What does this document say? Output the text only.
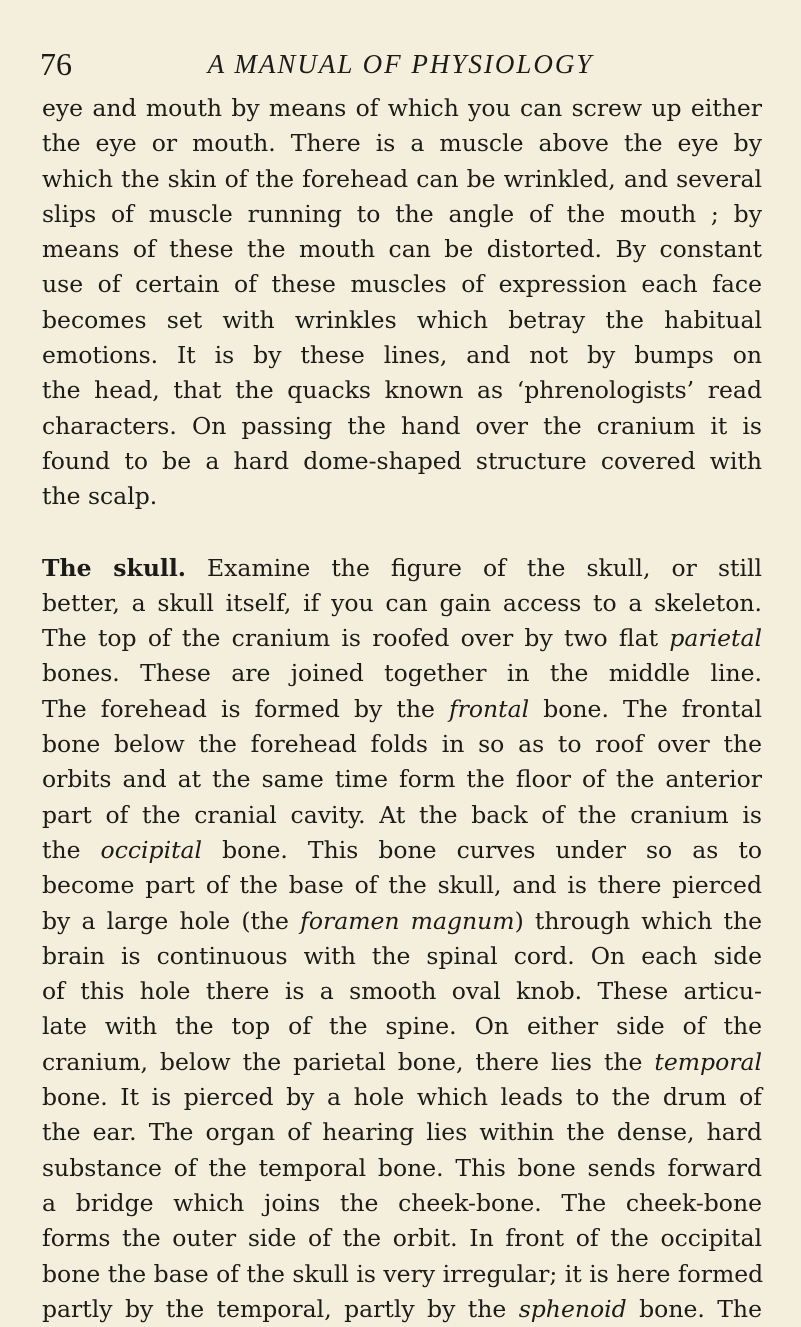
76	A MANUAL OF PHYSIOLOGY
eye and mouth by means of which you can screw up either
the eye or mouth. There is a muscle above the eye by
which the skin of the forehead can be wrinkled, and several
slips of muscle running to the angle of the mouth ; by
means of these the mouth can be distorted. By constant
use of certain of these muscles of expression each face
becomes set with wrinkles which betray the habitual
emotions. It is by these lines, and not by bumps on
the head, that the quacks known as ‘phrenologists’ read
characters. On passing the hand over the cranium it is
found to be a hard dome-shaped structure covered with
the scalp.
The skull. Examine the figure of the skull, or still
better, a skull itself, if you can gain access to a skeleton.
The top of the cranium is roofed over by two flat parietal
bones. These are joined together in the middle line.
The forehead is formed by the frontal bone. The frontal
bone below the forehead folds in so as to roof over the
orbits and at the same time form the floor of the anterior
part of the cranial cavity. At the back of the cranium is
the occipital bone. This bone curves under so as to
become part of the base of the skull, and is there pierced
by a large hole (the foramen magnum) through which the
brain is continuous with the spinal cord. On each side
of this hole there is a smooth oval knob. These articu-
late with the top of the spine. On either side of the
cranium, below the parietal bone, there lies the temporal
bone. It is pierced by a hole which leads to the drum of
the ear. The organ of hearing lies within the dense, hard
substance of the temporal bone. This bone sends forward
a bridge which joins the cheek-bone. The cheek-bone
forms the outer side of the orbit. In front of the occipital
bone the base of the skull is very irregular; it is here formed
partly by the temporal, partly by the sphenoid bone. The
